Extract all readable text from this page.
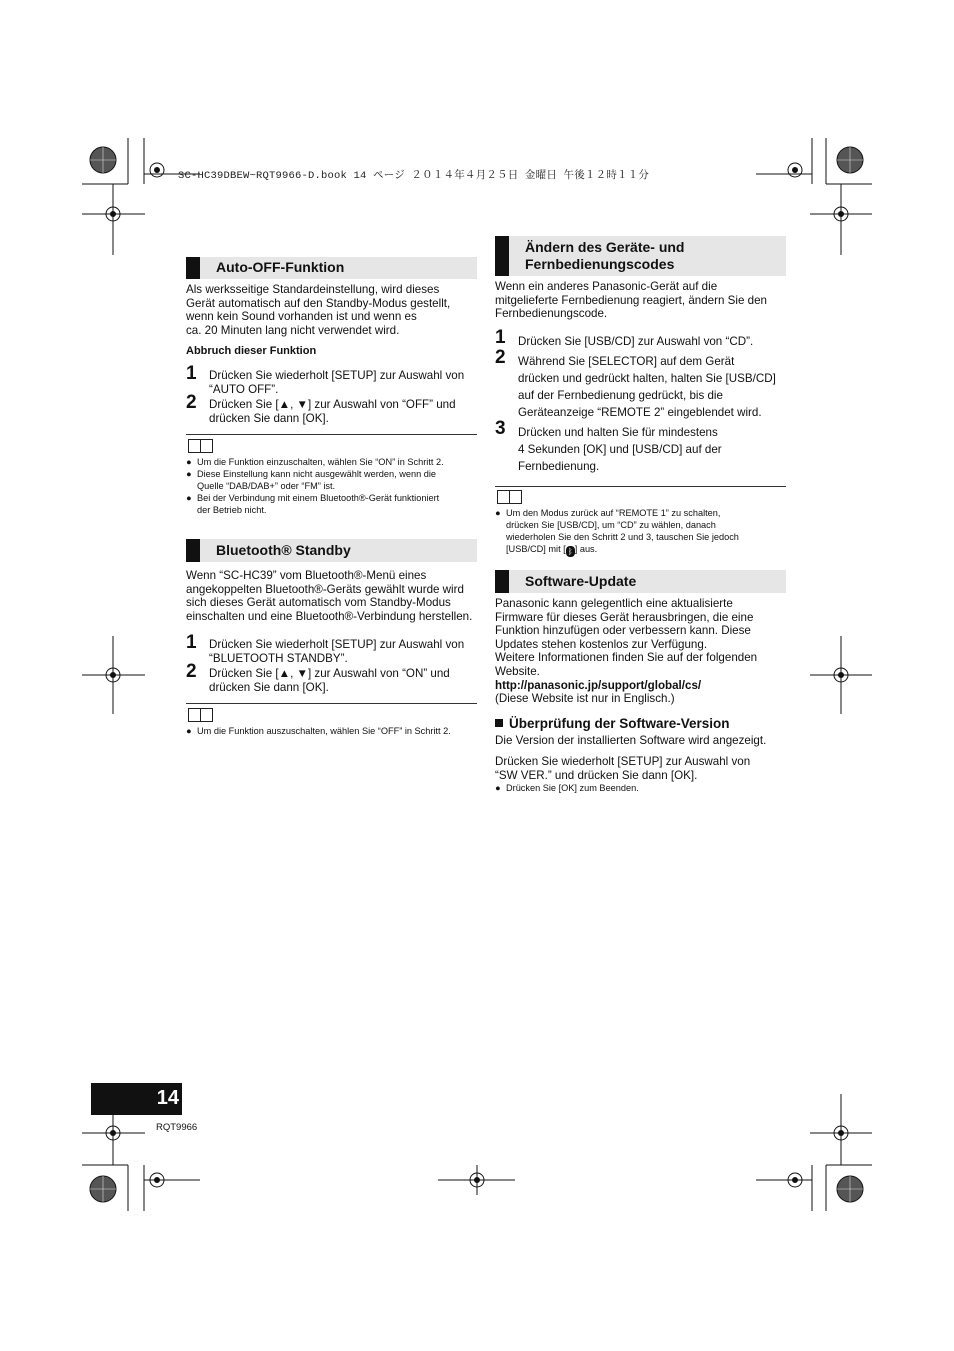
SC-HC39DBEW~RQT9966-D.book 14 ページ ２０１４年４月２５日 金曜日 午後１２時１１分
Auto-OFF-Funktion
Als werksseitige Standardeinstellung, wird dieses
Gerät automatisch auf den Standby-Modus gestellt,
wenn kein Sound vorhanden ist und wenn es
ca. 20 Minuten lang nicht verwendet wird.
Abbruch dieser Funktion
1 Drücken Sie wiederholt [SETUP] zur Auswahl von
“AUTO OFF”.
2 Drücken Sie [▲, ▼] zur Auswahl von “OFF” und
drücken Sie dann [OK].
● Um die Funktion einzuschalten, wählen Sie “ON” in Schritt 2.
● Diese Einstellung kann nicht ausgewählt werden, wenn die
Quelle “DAB/DAB+” oder “FM” ist.
● Bei der Verbindung mit einem Bluetooth®-Gerät funktioniert
der Betrieb nicht.
Bluetooth® Standby
Wenn “SC-HC39” vom Bluetooth®-Menü eines
angekoppelten Bluetooth®-Geräts gewählt wurde wird
sich dieses Gerät automatisch vom Standby-Modus
einschalten und eine Bluetooth®-Verbindung herstellen.
1 Drücken Sie wiederholt [SETUP] zur Auswahl von
“BLUETOOTH STANDBY”.
2 Drücken Sie [▲, ▼] zur Auswahl von “ON” und
drücken Sie dann [OK].
● Um die Funktion auszuschalten, wählen Sie “OFF” in Schritt 2.
Ändern des Geräte- und
Fernbedienungscodes
Wenn ein anderes Panasonic-Gerät auf die
mitgelieferte Fernbedienung reagiert, ändern Sie den
Fernbedienungscode.
1 Drücken Sie [USB/CD] zur Auswahl von “CD”.
2 Während Sie [SELECTOR] auf dem Gerät
drücken und gedrückt halten, halten Sie [USB/CD]
auf der Fernbedienung gedrückt, bis die
Geräteanzeige “REMOTE 2” eingeblendet wird.
3 Drücken und halten Sie für mindestens
4 Sekunden [OK] und [USB/CD] auf der
Fernbedienung.
● Um den Modus zurück auf “REMOTE 1” zu schalten,
drücken Sie [USB/CD], um “CD” zu wählen, danach
wiederholen Sie den Schritt 2 und 3, tauschen Sie jedoch
[USB/CD] mit [ ᛒ ] aus.
Software-Update
Panasonic kann gelegentlich eine aktualisierte
Firmware für dieses Gerät herausbringen, die eine
Funktion hinzufügen oder verbessern kann. Diese
Updates stehen kostenlos zur Verfügung.
Weitere Informationen finden Sie auf der folgenden
Website.
http://panasonic.jp/support/global/cs/
(Diese Website ist nur in Englisch.)
Überprüfung der Software-Version
Die Version der installierten Software wird angezeigt.
Drücken Sie wiederholt [SETUP] zur Auswahl von
“SW VER.” und drücken Sie dann [OK].
● Drücken Sie [OK] zum Beenden.
14
RQT9966
